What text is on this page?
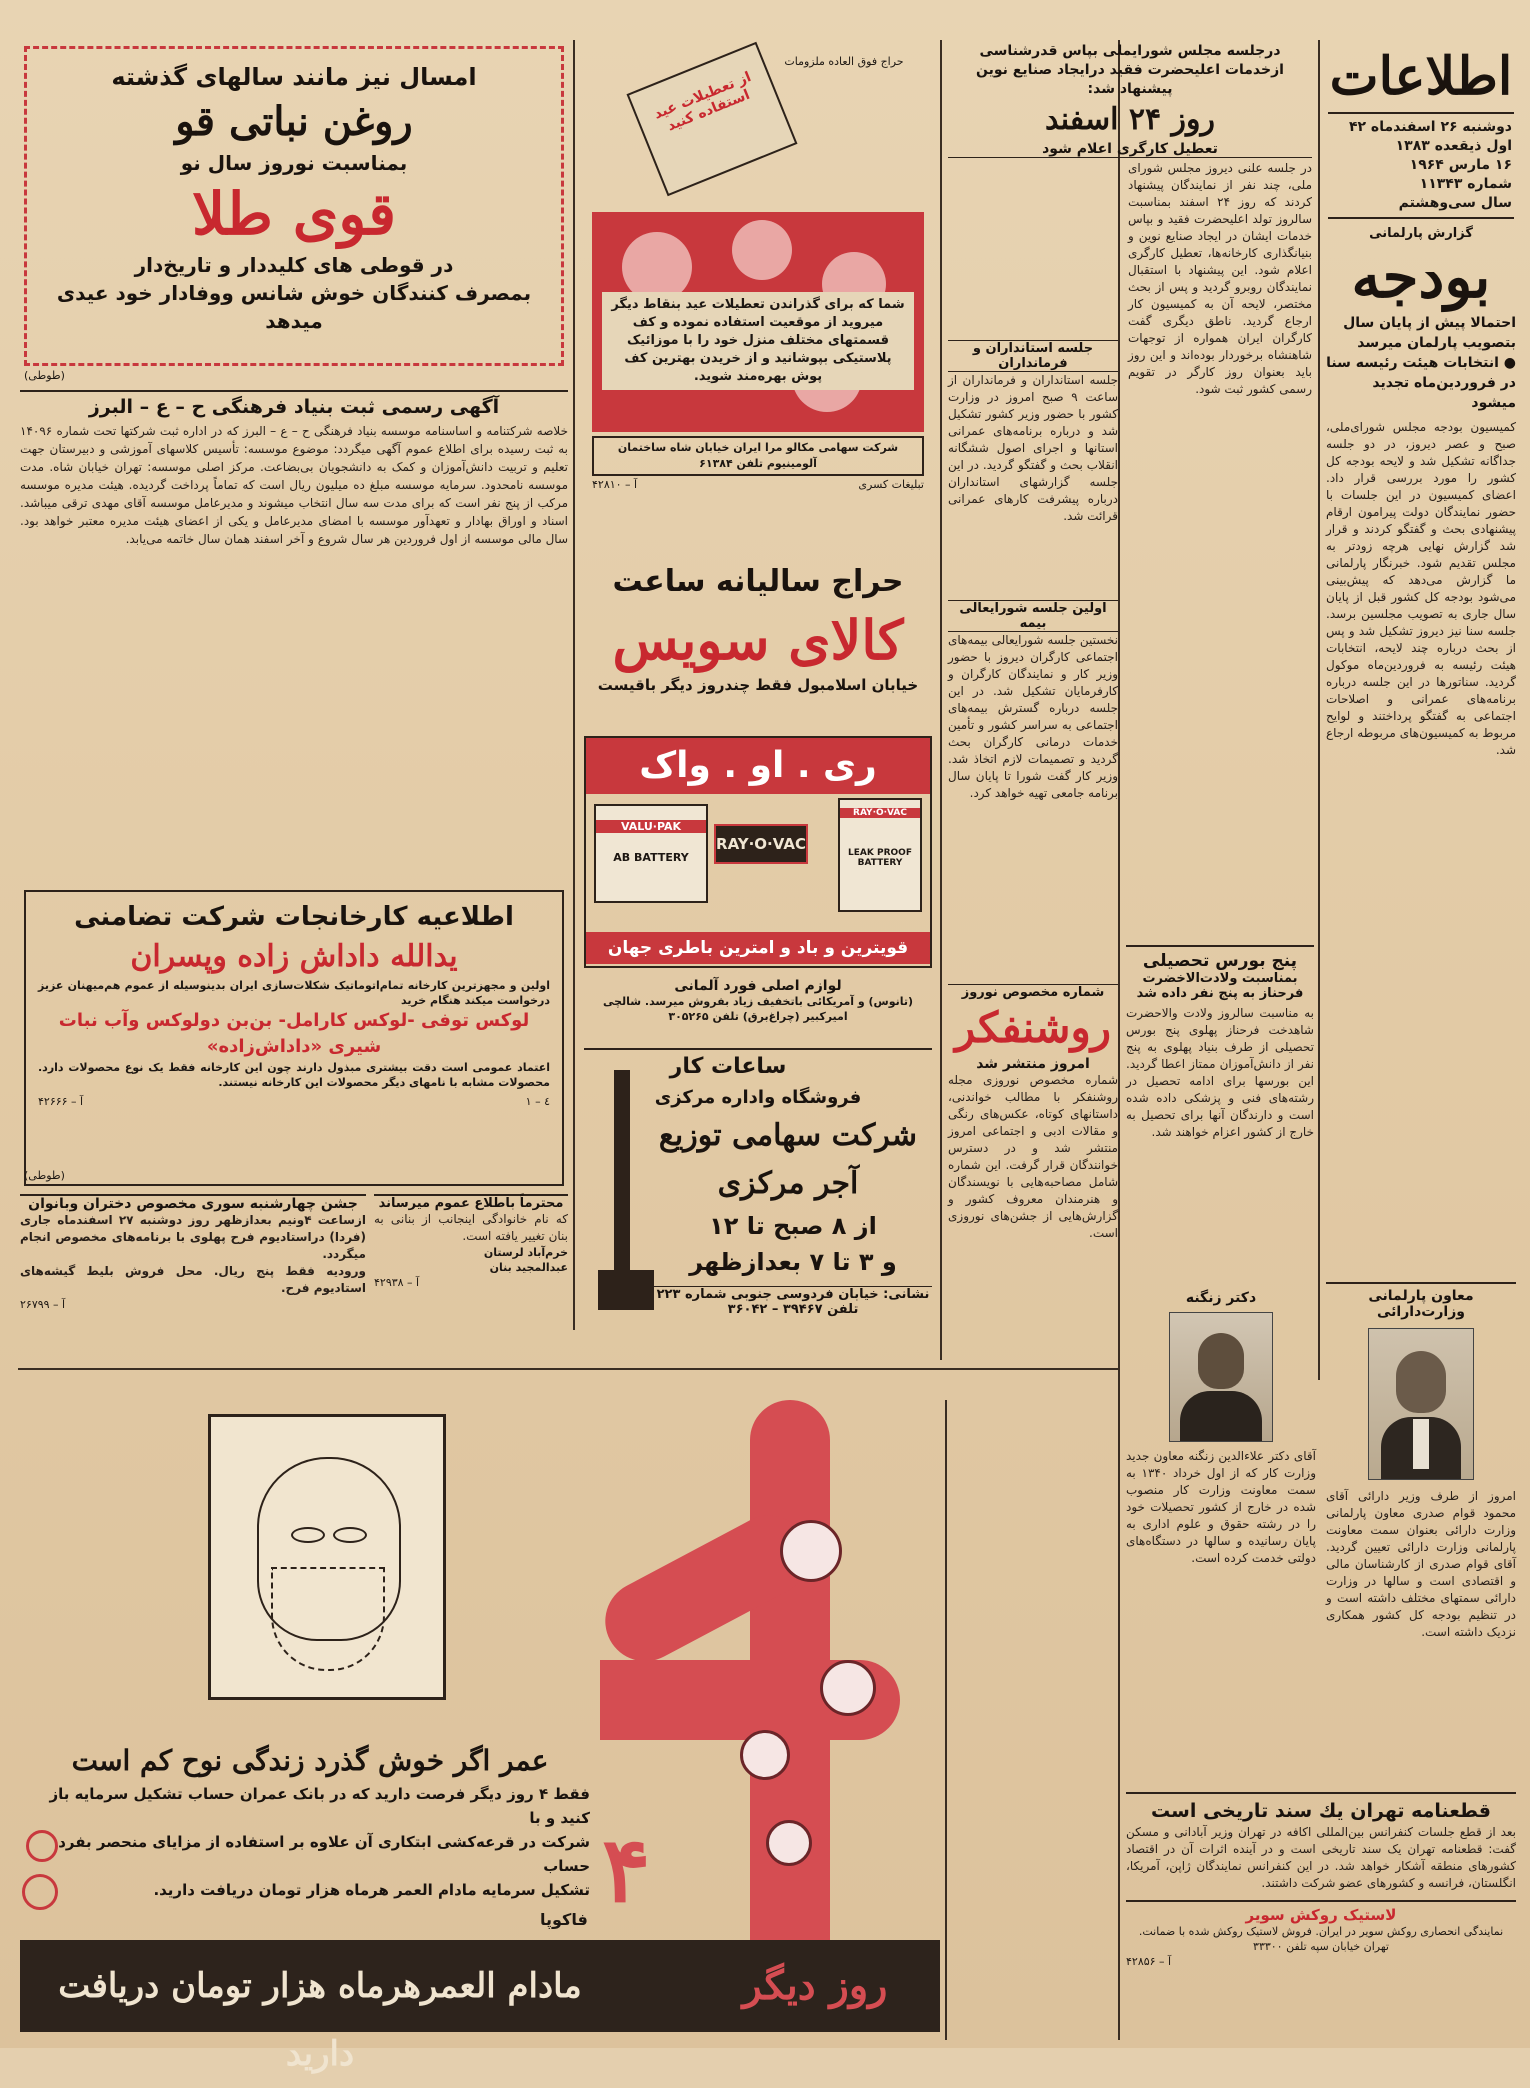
اطلاعات
دوشنبه ۲۶ اسفندماه ۴۲
اول ذیقعده ۱۳۸۳
۱۶ مارس ۱۹۶۴
شماره ۱۱۳۴۳
سال سی‌وهشتم
گزارش پارلمانی
بودجه
احتمالا پیش از پایان سال بتصویب پارلمان میرسد
● انتخابات هیئت رئیسه سنا در فروردین‌ماه تجدید میشود
کمیسیون بودجه مجلس شورای‌ملی، صبح و عصر دیروز، در دو جلسه جداگانه تشکیل شد و لایحه بودجه کل کشور را مورد بررسی قرار داد. اعضای کمیسیون در این جلسات با حضور نمایندگان دولت پیرامون ارقام پیشنهادی بحث و گفتگو کردند و قرار شد گزارش نهایی هرچه زودتر به مجلس تقدیم شود. خبرنگار پارلمانی ما گزارش می‌دهد که پیش‌بینی می‌شود بودجه کل کشور قبل از پایان سال جاری به تصویب مجلسین برسد. جلسه سنا نیز دیروز تشکیل شد و پس از بحث درباره چند لایحه، انتخابات هیئت رئیسه به فروردین‌ماه موکول گردید. سناتورها در این جلسه درباره برنامه‌های عمرانی و اصلاحات اجتماعی به گفتگو پرداختند و لوایح مربوط به کمیسیون‌های مربوطه ارجاع شد.
معاون پارلمانی وزارت‌دارائی
امروز از طرف وزیر دارائی آقای محمود قوام صدری معاون پارلمانی وزارت دارائی بعنوان سمت معاونت پارلمانی وزارت دارائی تعیین گردید. آقای قوام صدری از کارشناسان مالی و اقتصادی است و سالها در وزارت دارائی سمتهای مختلف داشته است و در تنظیم بودجه کل کشور همکاری نزدیک داشته است.
قطعنامه تهران یك سند تاریخی است
بعد از قطع جلسات کنفرانس بین‌المللی اکافه در تهران وزیر آبادانی و مسکن گفت: قطعنامه تهران یک سند تاریخی است و در آینده اثرات آن در اقتصاد کشورهای منطقه آشکار خواهد شد. در این کنفرانس نمایندگان ژاپن، آمریکا، انگلستان، فرانسه و کشورهای عضو شرکت داشتند.
لاستیک روکش سویر
نمایندگی انحصاری روکش سویر در ایران. فروش لاستیک روکش شده با ضمانت. تهران خیابان سپه تلفن ۳۳۳۰۰
آ – ۴۲۸۵۶
درجلسه مجلس شورایملی بپاس قدرشناسی
ازخدمات اعلیحضرت فقید درایجاد صنایع نوین پیشنهاد شد:
روز ۲۴ اسفند
تعطیل کارگری اعلام شود
در جلسه علنی دیروز مجلس شورای ملی، چند نفر از نمایندگان پیشنهاد کردند که روز ۲۴ اسفند بمناسبت سالروز تولد اعلیحضرت فقید و بپاس خدمات ایشان در ایجاد صنایع نوین و بنیانگذاری کارخانه‌ها، تعطیل کارگری اعلام شود. این پیشنهاد با استقبال نمایندگان روبرو گردید و پس از بحث مختصر، لایحه آن به کمیسیون کار ارجاع گردید. ناطق دیگری گفت کارگران ایران همواره از توجهات شاهنشاه برخوردار بوده‌اند و این روز باید بعنوان روز کارگر در تقویم رسمی کشور ثبت شود.
جلسه استانداران و فرمانداران
جلسه استانداران و فرمانداران از ساعت ۹ صبح امروز در وزارت کشور با حضور وزیر کشور تشکیل شد و درباره برنامه‌های عمرانی استانها و اجرای اصول ششگانه انقلاب بحث و گفتگو گردید. در این جلسه گزارشهای استانداران درباره پیشرفت کارهای عمرانی قرائت شد.
اولین جلسه شورایعالی بیمه
نخستین جلسه شورایعالی بیمه‌های اجتماعی کارگران دیروز با حضور وزیر کار و نمایندگان کارگران و کارفرمایان تشکیل شد. در این جلسه درباره گسترش بیمه‌های اجتماعی به سراسر کشور و تأمین خدمات درمانی کارگران بحث گردید و تصمیمات لازم اتخاذ شد. وزیر کار گفت شورا تا پایان سال برنامه جامعی تهیه خواهد کرد.
پنج بورس تحصیلی
بمناسبت ولادت‌الاخضرت
فرحناز به پنج نفر داده شد
به مناسبت سالروز ولادت والاحضرت شاهدخت فرحناز پهلوی پنج بورس تحصیلی از طرف بنیاد پهلوی به پنج نفر از دانش‌آموزان ممتاز اعطا گردید. این بورسها برای ادامه تحصیل در رشته‌های فنی و پزشکی داده شده است و دارندگان آنها برای تحصیل به خارج از کشور اعزام خواهند شد.
شماره مخصوص نوروز
روشنفکر
امروز منتشر شد
شماره مخصوص نوروزی مجله روشنفکر با مطالب خواندنی، داستانهای کوتاه، عکس‌های رنگی و مقالات ادبی و اجتماعی امروز منتشر شد و در دسترس خوانندگان قرار گرفت. این شماره شامل مصاحبه‌هایی با نویسندگان و هنرمندان معروف کشور و گزارش‌هایی از جشن‌های نوروزی است.
دکتر زنگنه
آقای دکتر علاءالدین زنگنه معاون جدید وزارت کار که از اول خرداد ۱۳۴۰ به سمت معاونت وزارت کار منصوب شده در خارج از کشور تحصیلات خود را در رشته حقوق و علوم اداری به پایان رسانیده و سالها در دستگاه‌های دولتی خدمت کرده است.
حراج فوق العاده ملزومات
از تعطیلات عید استفاده کنید
شما که برای گذراندن تعطیلات عید بنقاط دیگر میروید از موقعیت استفاده نموده و کف قسمتهای مختلف منزل خود را با موزائیک پلاستیکی بپوشانید و از خریدن بهترین کف پوش بهره‌مند شوید.
شرکت سهامی مکالو مرا ایران خیابان شاه ساختمان آلومینیوم تلفن ۶۱۳۸۴
تبلیغات کسری
آ – ۴۲۸۱۰
حراج سالیانه ساعت
کالای سویس
خیابان اسلامبول فقط چندروز دیگر باقیست
ری . او . واک
VALU·PAK
AB BATTERY
RAY·O·VAC
RAY·O·VAC
LEAK PROOF BATTERY
قویترین و باد و امترین باطری جهان
لوازم اصلی فورد آلمانی
(تانوس) و آمریکائی باتخفیف زیاد بفروش میرسد. شالچی امیرکبیر (چراغ‌برق) تلفن ۳۰۵۲۶۵
ساعات کار
فروشگاه واداره مرکزی
شرکت سهامی توزیع آجر مرکزی
از ۸ صبح تا ۱۲
و ۳ تا ۷ بعدازظهر
نشانی: خیابان فردوسی جنوبی شماره ۲۲۳ تلفن ۳۹۴۶۷ – ۳۶۰۴۲
امسال نیز مانند سالهای گذشته
روغن نباتی قو
بمناسبت نوروز سال نو
قوی طلا
در قوطی های کلیددار و تاریخ‌دار
بمصرف کنندگان خوش شانس ووفادار خود عیدی میدهد
(طوطی)
آگهی رسمی ثبت بنیاد فرهنگی ح – ع – البرز
خلاصه شرکتنامه و اساسنامه موسسه بنیاد فرهنگی ح – ع – البرز که در اداره ثبت شرکتها تحت شماره ۱۴۰۹۶ به ثبت رسیده برای اطلاع عموم آگهی میگردد: موضوع موسسه: تأسیس کلاسهای آموزشی و دبیرستان جهت تعلیم و تربیت دانش‌آموزان و کمک به دانشجویان بی‌بضاعت. مرکز اصلی موسسه: تهران خیابان شاه. مدت موسسه نامحدود. سرمایه موسسه مبلغ ده میلیون ریال است که تماماً پرداخت گردیده. هیئت مدیره موسسه مرکب از پنج نفر است که برای مدت سه سال انتخاب میشوند و مدیرعامل موسسه آقای مهدی ترقی میباشد. اسناد و اوراق بهادار و تعهدآور موسسه با امضای مدیرعامل و یکی از اعضای هیئت مدیره معتبر خواهد بود. سال مالی موسسه از اول فروردین هر سال شروع و آخر اسفند همان سال خاتمه می‌یابد.
اطلاعیه کارخانجات شرکت تضامنی
یدالله داداش زاده وپسران
اولین و مجهزترین کارخانه تمام‌اتوماتیک شکلات‌سازی ایران بدینوسیله از عموم هم‌میهنان عزیز درخواست میکند هنگام خرید
لوکس توفی ‐لوکس کارامل‐ بن‌بن دولوکس وآب نبات
شیری «داداش‌زاده»
اعتماد عمومی است دقت بیشتری مبذول دارند چون این کارخانه فقط یک نوع محصولات دارد. محصولات مشابه با نامهای دیگر محصولات این کارخانه نیستند.
٤ – ١
آ – ۴۲۶۶۶
(طوطی)
محترماً باطلاع عموم میرساند
که نام خانوادگی اینجانب از بنانی به بنان تغییر یافته است.
خرم‌آباد لرستان
عبدالمجید بنان
آ – ۴۲۹۳۸
جشن چهارشنبه سوری مخصوص دختران وبانوان
ازساعت ۴ونیم بعدازظهر روز دوشنبه ۲۷ اسفندماه جاری (فردا) دراستادیوم فرح پهلوی با برنامه‌های مخصوص انجام میگردد.
ورودیه فقط پنج ریال. محل فروش بلیط گیشه‌های استادیوم فرح.
آ – ۲۶۷۹۹
۴
فاکوپا
عمر اگر خوش گذرد زندگی نوح کم است
فقط ۴ روز دیگر فرصت دارید که در بانک عمران حساب تشکیل سرمایه باز کنید و با
شرکت در قرعه‌کشی ابتکاری آن علاوه بر استفاده از مزایای منحصر بفرد حساب
تشکیل سرمایه مادام العمر هرماه هزار تومان دریافت دارید.
مادام العمرهرماه هزار تومان دریافت دارید
روز دیگر
